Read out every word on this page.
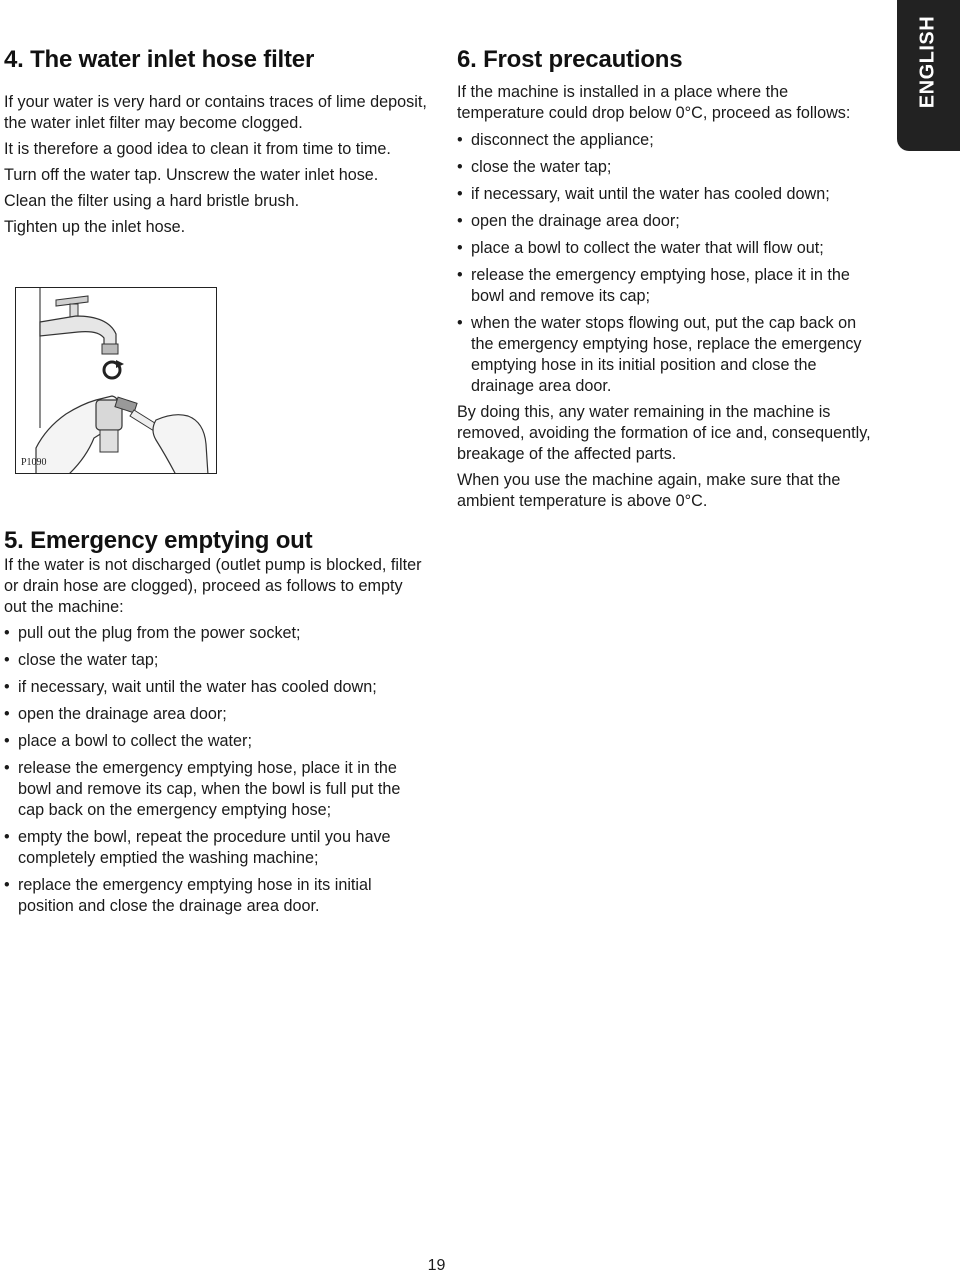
ENGLISH
4. The water inlet hose filter

If your water is very hard or contains traces of lime deposit, the water inlet filter may become clogged.

It is therefore a good idea to clean it from time to time.

Turn off the water tap. Unscrew the water inlet hose.

Clean the filter using a hard bristle brush.

Tighten up the inlet hose.

P1090
5. Emergency emptying out

If the water is not discharged (outlet pump is blocked, filter or drain hose are clogged), proceed as follows to empty out the machine:

• pull out the plug from the power socket;
• close the water tap;
• if necessary, wait until the water has cooled down;
• open the drainage area door;
• place a bowl to collect the water;
• release the emergency emptying hose, place it in the bowl and remove its cap, when the bowl is full put the cap back on the emergency emptying hose;
• empty the bowl, repeat the procedure until you have completely emptied the washing machine;
• replace the emergency emptying hose in its initial position and close the drainage area door.
6. Frost precautions

If the machine is installed in a place where the temperature could drop below 0°C, proceed as follows:

• disconnect the appliance;
• close the water tap;
• if necessary, wait until the water has cooled down;
• open the drainage area door;
• place a bowl to collect the water that will flow out;
• release the emergency emptying hose, place it in the bowl and remove its cap;
• when the water stops flowing out, put the cap back on the emergency emptying hose, replace the emergency emptying hose in its initial position and close the drainage area door.

By doing this, any water remaining in the machine is removed, avoiding the formation of ice and, consequently, breakage of the affected parts.

When you use the machine again, make sure that the ambient temperature is above 0°C.

19
